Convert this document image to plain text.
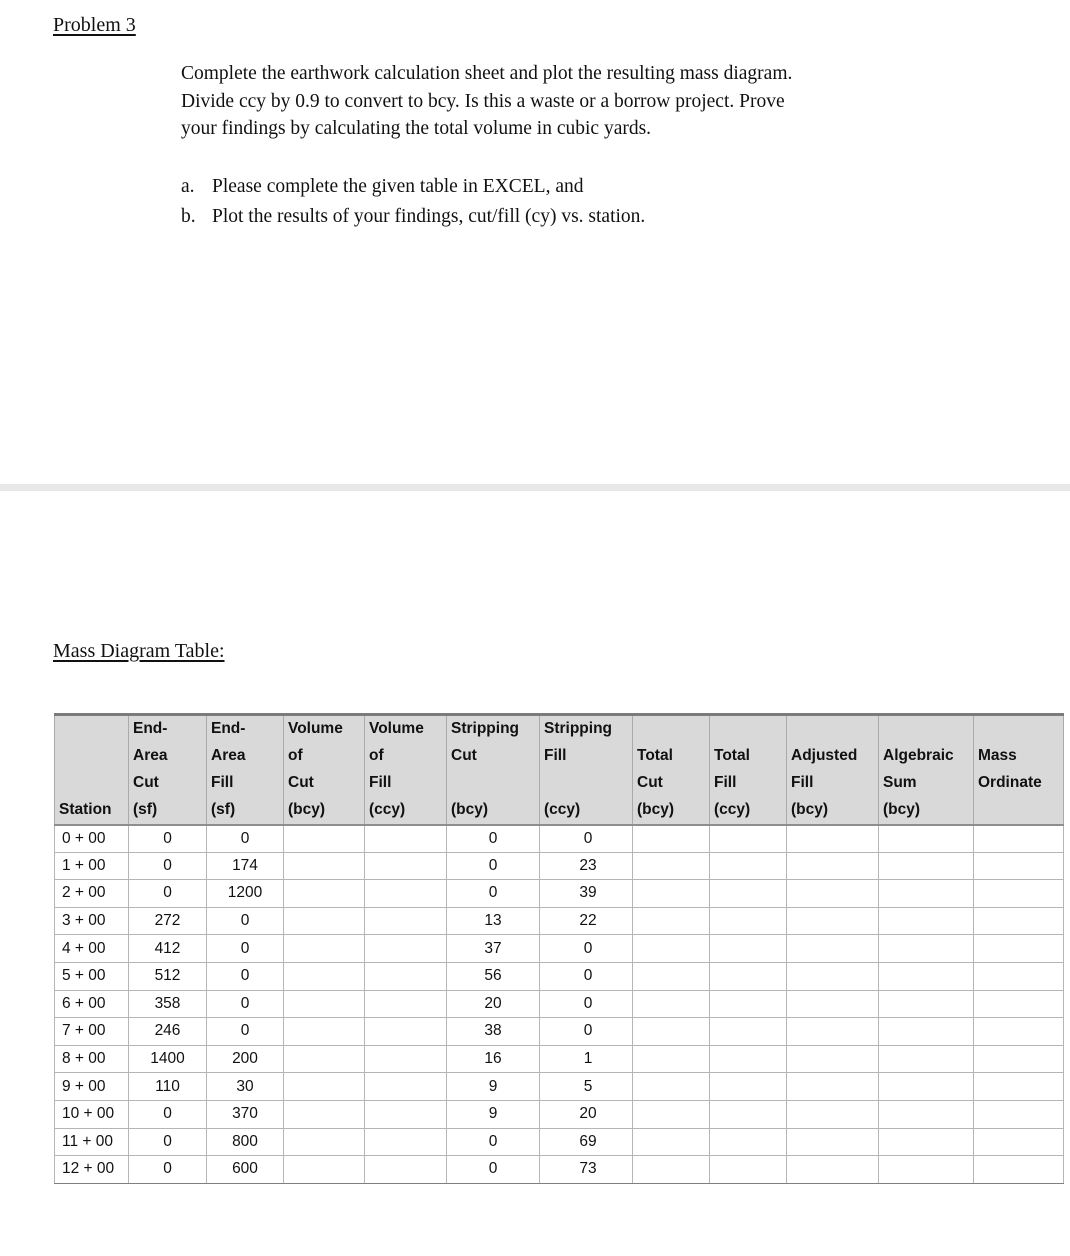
Problem 3

Complete the earthwork calculation sheet and plot the resulting mass diagram.

Divide ccy by 0.9 to convert to bcy. Is this a waste or a borrow project. Prove

your findings by calculating the total volume in cubic yards.

a. Please complete the given table in EXCEL, and
b. Plot the results of your findings, cut/fill (cy) vs. station.
Mass Diagram Table:
	End-	End-	Volume	Volume	Stripping	Stripping					
	Area	Area	of	of	Cut	Fill	Total	Total	Adjusted	Algebraic	Mass
	Cut	Fill	Cut	Fill			Cut	Fill	Fill	Sum	Ordinate
Station	(sf)	(sf)	(bcy)	(ccy)	(bcy)	(ccy)	(bcy)	(ccy)	(bcy)	(bcy)	
0 + 00	0	0			0	0					
1 + 00	0	174			0	23					
2 + 00	0	1200			0	39					
3 + 00	272	0			13	22					
4 + 00	412	0			37	0					
5 + 00	512	0			56	0					
6 + 00	358	0			20	0					
7 + 00	246	0			38	0					
8 + 00	1400	200			16	1					
9 + 00	110	30			9	5					
10 + 00	0	370			9	20					
11 + 00	0	800			0	69					
12 + 00	0	600			0	73					
